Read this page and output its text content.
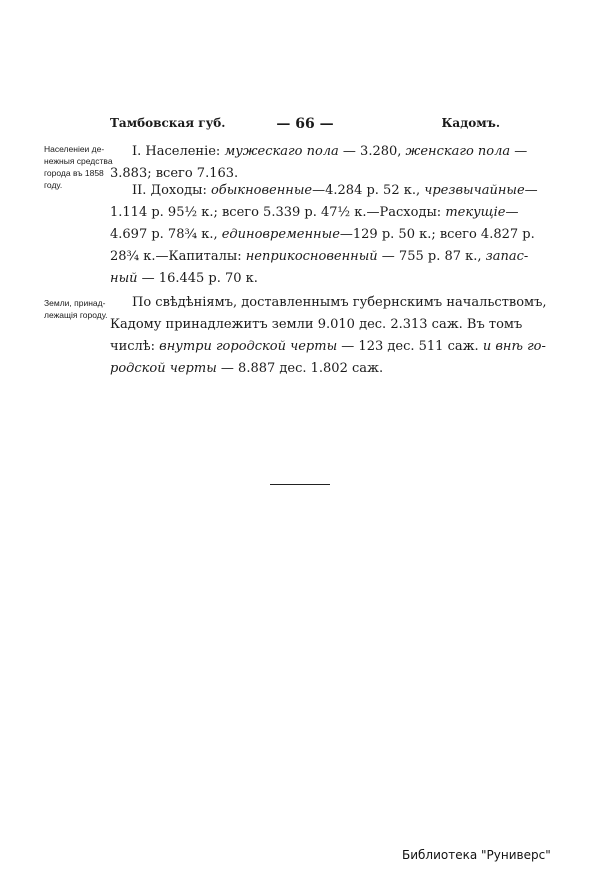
Тамбовская губ.	— 66 —	Кадомъ.
Населеніеи де-
нежныя средства
города въ 1858
году.
I. Населеніе: мужескаго пола — 3.280, женскаго пола —
3.883; всего 7.163.
II. Доходы: обыкновенные—4.284 р. 52 к., чрезвычайные—
1.114 р. 95½ к.; всего 5.339 р. 47½ к.—Расходы: текущіе—
4.697 р. 78¾ к., единовременные—129 р. 50 к.; всего 4.827 р.
28¾ к.—Капиталы: неприкосновенный — 755 р. 87 к., запас-
ный — 16.445 р. 70 к.
Земли, принад-
лежащія городу.
По свѣдѣніямъ, доставленнымъ губернскимъ начальствомъ,
Кадому принадлежитъ земли 9.010 дес. 2.313 саж. Въ томъ
числѣ: внутри городской черты — 123 дес. 511 саж. и внѣ го-
родской черты — 8.887 дес. 1.802 саж.
Библиотека "Руниверс"
